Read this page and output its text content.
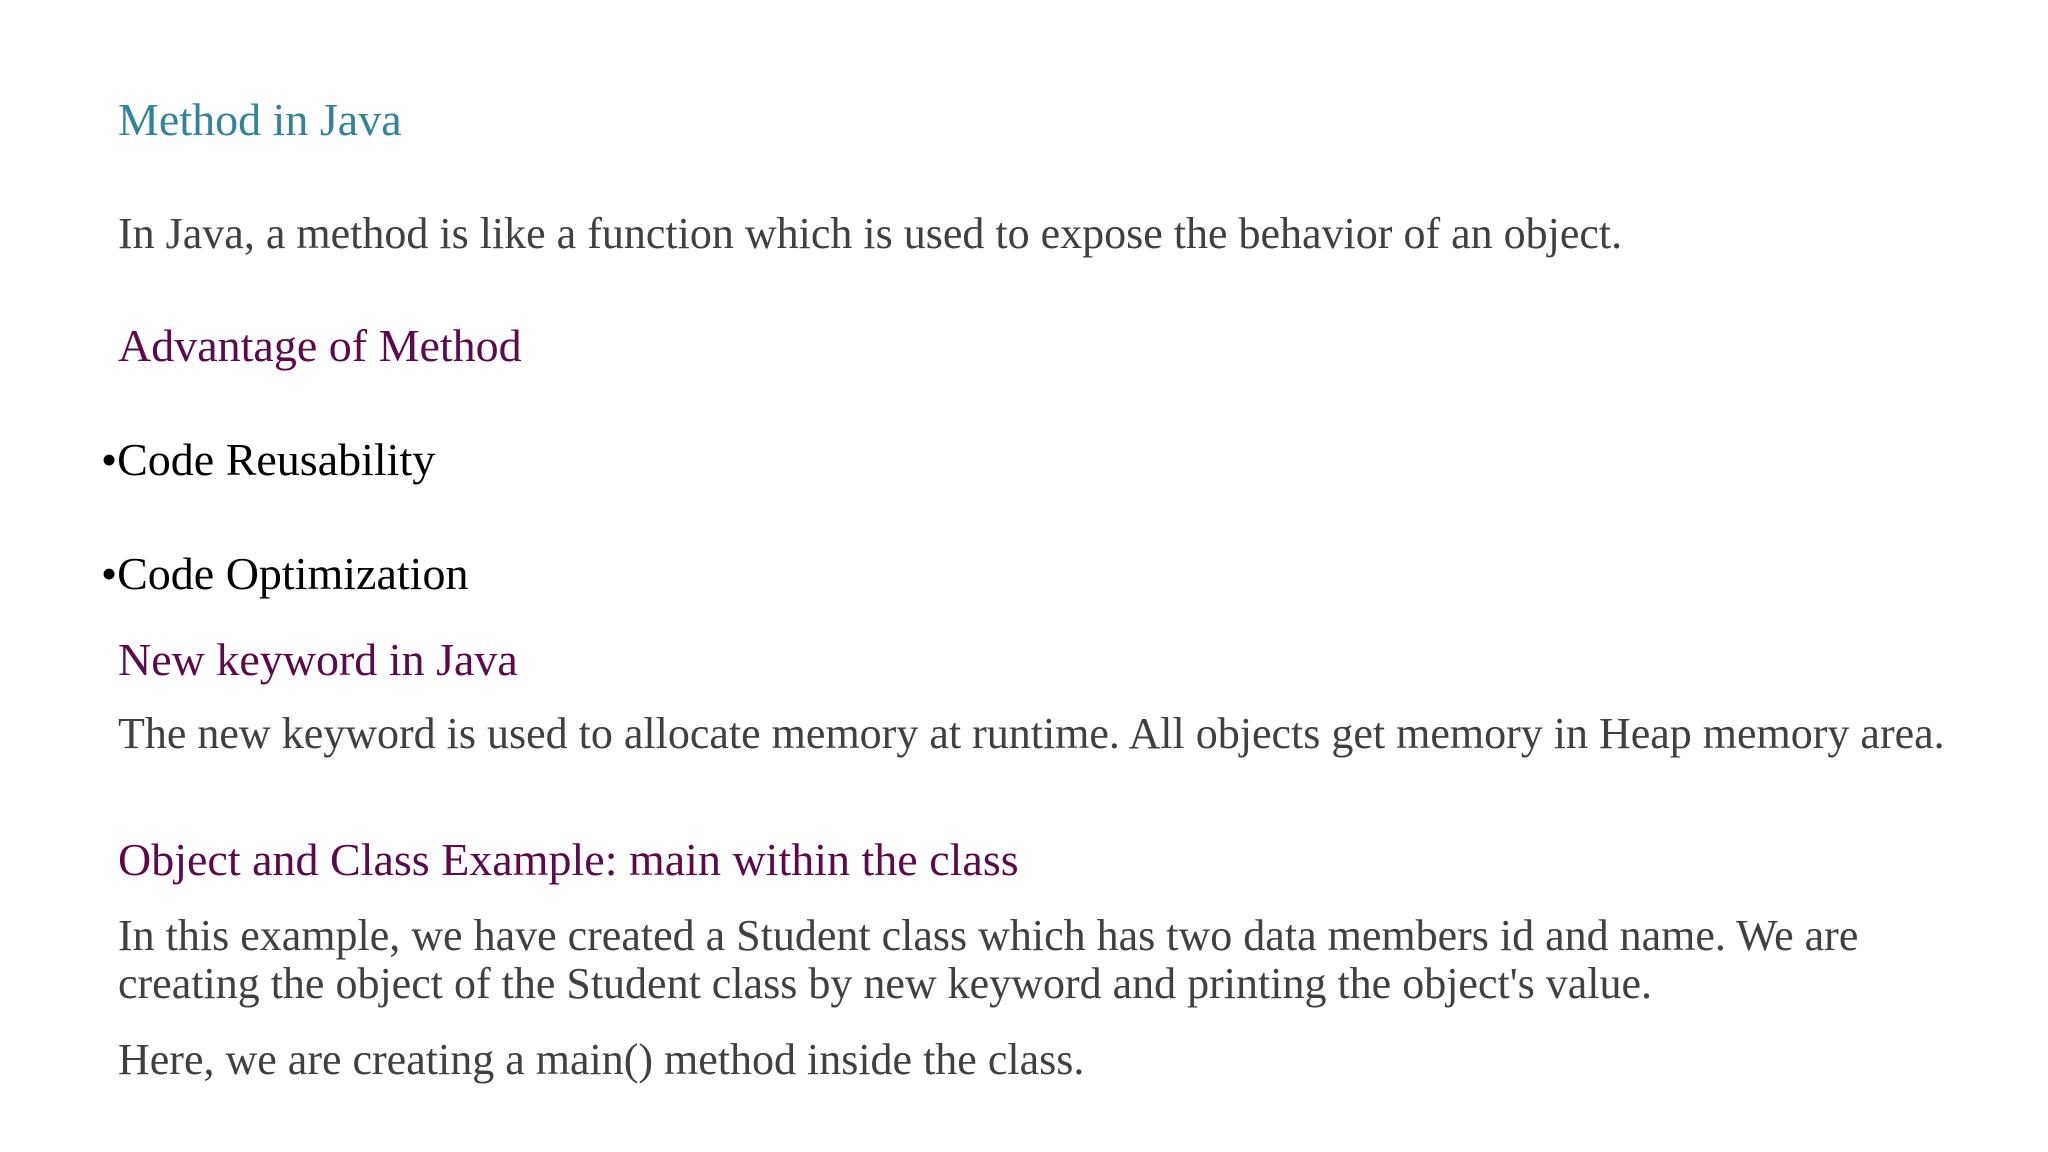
Method in Java

In Java, a method is like a function which is used to expose the behavior of an object.

Advantage of Method
•Code Reusability
•Code Optimization
New keyword in Java

The new keyword is used to allocate memory at runtime. All objects get memory in Heap memory area.

Object and Class Example: main within the class

In this example, we have created a Student class which has two data members id and name. We are creating the object of the Student class by new keyword and printing the object's value.

Here, we are creating a main() method inside the class.
